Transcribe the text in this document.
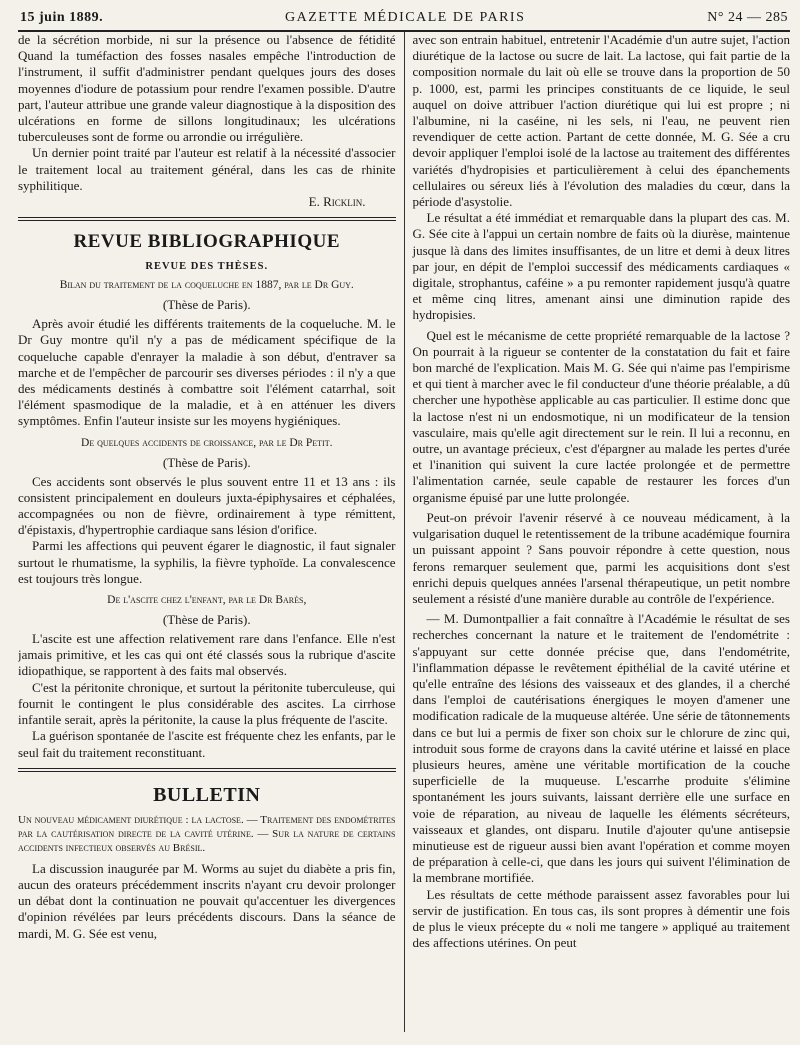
15 juin 1889.	GAZETTE MÉDICALE DE PARIS	N° 24 — 285

de la sécrétion morbide, ni sur la présence ou l'absence de fétidité Quand la tuméfaction des fosses nasales empêche l'introduction de l'instrument, il suffit d'administrer pendant quelques jours des doses moyennes d'iodure de potassium pour rendre l'examen possible. D'autre part, l'auteur attribue une grande valeur diagnostique à la disposition des ulcérations en forme de sillons longitudinaux; les ulcérations tuberculeuses sont de forme ou arrondie ou irrégulière.

Un dernier point traité par l'auteur est relatif à la nécessité d'associer le traitement local au traitement général, dans les cas de rhinite syphilitique.

E. Ricklin.

REVUE BIBLIOGRAPHIQUE
REVUE DES THÈSES.
Bilan du traitement de la coqueluche en 1887, par le Dr Guy.
(Thèse de Paris).

Après avoir étudié les différents traitements de la coqueluche. M. le Dr Guy montre qu'il n'y a pas de médicament spécifique de la coqueluche capable d'enrayer la maladie à son début, d'entraver sa marche et de l'empêcher de parcourir ses diverses périodes : il n'y a que des médicaments destinés à combattre soit l'élément catarrhal, soit l'élément spasmodique de la maladie, et à en atténuer les divers symptômes. Enfin l'auteur insiste sur les moyens hygiéniques.

De quelques accidents de croissance, par le Dr Petit.
(Thèse de Paris).

Ces accidents sont observés le plus souvent entre 11 et 13 ans : ils consistent principalement en douleurs juxta-épiphysaires et céphalées, accompagnées ou non de fièvre, ordinairement à type rémittent, d'épistaxis, d'hypertrophie cardiaque sans lésion d'orifice.

Parmi les affections qui peuvent égarer le diagnostic, il faut signaler surtout le rhumatisme, la syphilis, la fièvre typhoïde. La convalescence est toujours très longue.

De l'ascite chez l'enfant, par le Dr Barès,
(Thèse de Paris).

L'ascite est une affection relativement rare dans l'enfance. Elle n'est jamais primitive, et les cas qui ont été classés sous la rubrique d'ascite idiopathique, se rapportent à des faits mal observés.

C'est la péritonite chronique, et surtout la péritonite tuberculeuse, qui fournit le contingent le plus considérable des ascites. La cirrhose infantile serait, après la péritonite, la cause la plus fréquente de l'ascite.

La guérison spontanée de l'ascite est fréquente chez les enfants, par le seul fait du traitement reconstituant.

BULLETIN
Un nouveau médicament diurétique : la lactose. — Traitement des endométrites par la cautérisation directe de la cavité utérine. — Sur la nature de certains accidents infectieux observés au Brésil.

La discussion inaugurée par M. Worms au sujet du diabète a pris fin, aucun des orateurs précédemment inscrits n'ayant cru devoir prolonger un débat dont la continuation ne pouvait qu'accentuer les divergences d'opinion révélées par leurs précédents discours. Dans la séance de mardi, M. G. Sée est venu,

avec son entrain habituel, entretenir l'Académie d'un autre sujet, l'action diurétique de la lactose ou sucre de lait. La lactose, qui fait partie de la composition normale du lait où elle se trouve dans la proportion de 50 p. 1000, est, parmi les principes constituants de ce liquide, le seul auquel on doive attribuer l'action diurétique qui lui est propre ; ni l'albumine, ni la caséine, ni les sels, ni l'eau, ne peuvent rien revendiquer de cette action. Partant de cette donnée, M. G. Sée a cru devoir appliquer l'emploi isolé de la lactose au traitement des différentes variétés d'hydropisies et particulièrement à celui des épanchements cellulaires ou séreux liés à l'évolution des maladies du cœur, dans la période d'asystolie.

Le résultat a été immédiat et remarquable dans la plupart des cas. M. G. Sée cite à l'appui un certain nombre de faits où la diurèse, maintenue jusque là dans des limites insuffisantes, de un litre et demi à deux litres par jour, en dépit de l'emploi successif des médicaments cardiaques « digitale, strophantus, caféine » a pu remonter rapidement jusqu'à quatre et même cinq litres, amenant ainsi une diminution rapide des hydropisies.

Quel est le mécanisme de cette propriété remarquable de la lactose ? On pourrait à la rigueur se contenter de la constatation du fait et faire bon marché de l'explication. Mais M. G. Sée qui n'aime pas l'empirisme et qui tient à marcher avec le fil conducteur d'une théorie préalable, a dû chercher une hypothèse applicable au cas particulier. Il estime donc que la lactose n'est ni un endosmotique, ni un modificateur de la tension vasculaire, mais qu'elle agit directement sur le rein. Il lui a reconnu, en outre, un avantage précieux, c'est d'épargner au malade les pertes d'urée et l'inanition qui suivent la cure lactée prolongée et de permettre l'alimentation carnée, seule capable de restaurer les forces d'un organisme épuisé par une lutte prolongée.

Peut-on prévoir l'avenir réservé à ce nouveau médicament, à la vulgarisation duquel le retentissement de la tribune académique fournira un puissant appoint ? Sans pouvoir répondre à cette question, nous ferons remarquer seulement que, parmi les acquisitions dont s'est enrichi depuis quelques années l'arsenal thérapeutique, un petit nombre seulement a résisté d'une manière durable au contrôle de l'expérience.

— M. Dumontpallier a fait connaître à l'Académie le résultat de ses recherches concernant la nature et le traitement de l'endométrite : s'appuyant sur cette donnée précise que, dans l'endométrite, l'inflammation dépasse le revêtement épithélial de la cavité utérine et qu'elle entraîne des lésions des vaisseaux et des glandes, il a cherché dans l'emploi de cautérisations énergiques le moyen d'amener une modification radicale de la muqueuse altérée. Une série de tâtonnements dans ce but lui a permis de fixer son choix sur le chlorure de zinc qui, introduit sous forme de crayons dans la cavité utérine et laissé en place plusieurs heures, amène une véritable mortification de la couche superficielle de la muqueuse. L'escarrhe produite s'élimine spontanément les jours suivants, laissant derrière elle une surface en voie de réparation, au niveau de laquelle les éléments sécréteurs, vaisseaux et glandes, ont disparu. Inutile d'ajouter qu'une antisepsie minutieuse est de rigueur aussi bien avant l'opération et comme moyen de préparation à celle-ci, que dans les jours qui suivent l'élimination de la membrane mortifiée.

Les résultats de cette méthode paraissent assez favorables pour lui servir de justification. En tous cas, ils sont propres à démentir une fois de plus le vieux précepte du « noli me tangere » appliqué au traitement des affections utérines. On peut
